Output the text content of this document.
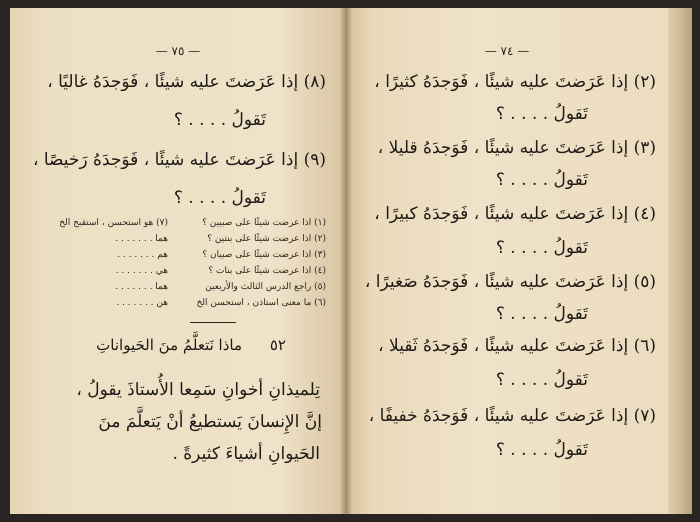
— ٧٥ —
(٨) إذا عَرَضتَ عليه شيئًا ، فَوَجدَهُ غاليًا ،
تَقولُ . . . . ؟
(٩) إذا عَرَضتَ عليه شيئًا ، فَوَجدَهُ رَخيصًا ،
تَقولُ . . . . ؟
(١) اذا عرضت شيئًا على صبيين ؟
(٧) هو استحسن ، استقبح الخ
(٢) اذا عرضت شيئًا على بنتين ؟
هما . . . . . . .
(٣) اذا عرضت شيئًا على صبيان ؟
هم . . . . . . .
(٤) اذا عرضت شيئًا على بنات ؟
هي . . . . . . .
(٥) راجع الدرس الثالث والأربعين
هما . . . . . . .
(٦) ما معنى استاذن ، استحسن الخ
هن . . . . . . .
٥٢
ماذا نَتعلَّمُ منَ الحَيواناتِ
تِلميذانِ أخوانِ سَمِعا الأُستاذَ يقولُ ،
إنَّ الإِنسانَ يَستطيعُ أنْ يَتعلَّمَ منَ
الحَيوانِ أشياءَ كثيرةً .
— ٧٤ —
(٢) إذا عَرَضتَ عليه شيئًا ، فَوَجدَهُ كثيرًا ،
تَقولُ . . . . ؟
(٣) إذا عَرَضتَ عليه شيئًا ، فَوَجدَهُ قليلا ،
تَقولُ . . . . ؟
(٤) إذا عَرَضتَ عليه شيئًا ، فَوَجدَهُ كبيرًا ،
تَقولُ . . . . ؟
(٥) إذا عَرَضتَ عليه شيئًا ، فَوَجدَهُ صَغيرًا ،
تَقولُ . . . . ؟
(٦) إذا عَرَضتَ عليه شيئًا ، فَوَجدَهُ ثَقيلا ،
تَقولُ . . . . ؟
(٧) إذا عَرَضتَ عليه شيئًا ، فَوَجدَهُ خفيفًا ،
تَقولُ . . . . ؟
